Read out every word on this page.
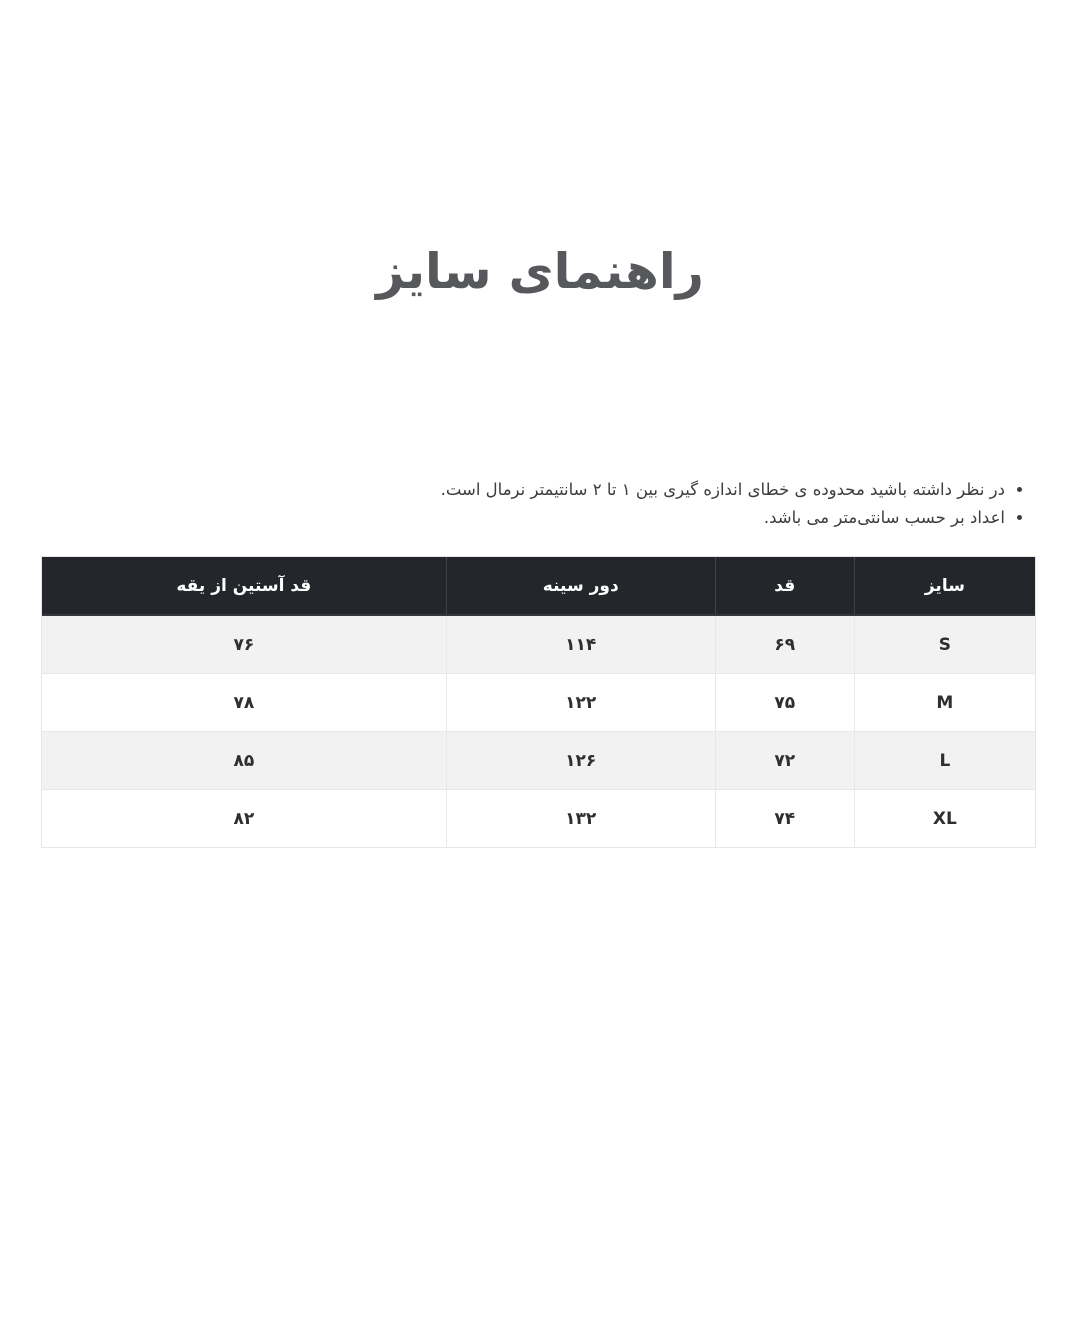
راهنمای سایز
• در نظر داشته باشید محدوده ی خطای اندازه گیری بین ۱ تا ۲ سانتیمتر نرمال است.
• اعداد بر حسب سانتی‌متر می باشد.
سایز	قد	دور سینه	قد آستین از یقه
S	۶۹	۱۱۴	۷۶
M	۷۵	۱۲۲	۷۸
L	۷۲	۱۲۶	۸۵
XL	۷۴	۱۳۲	۸۲
